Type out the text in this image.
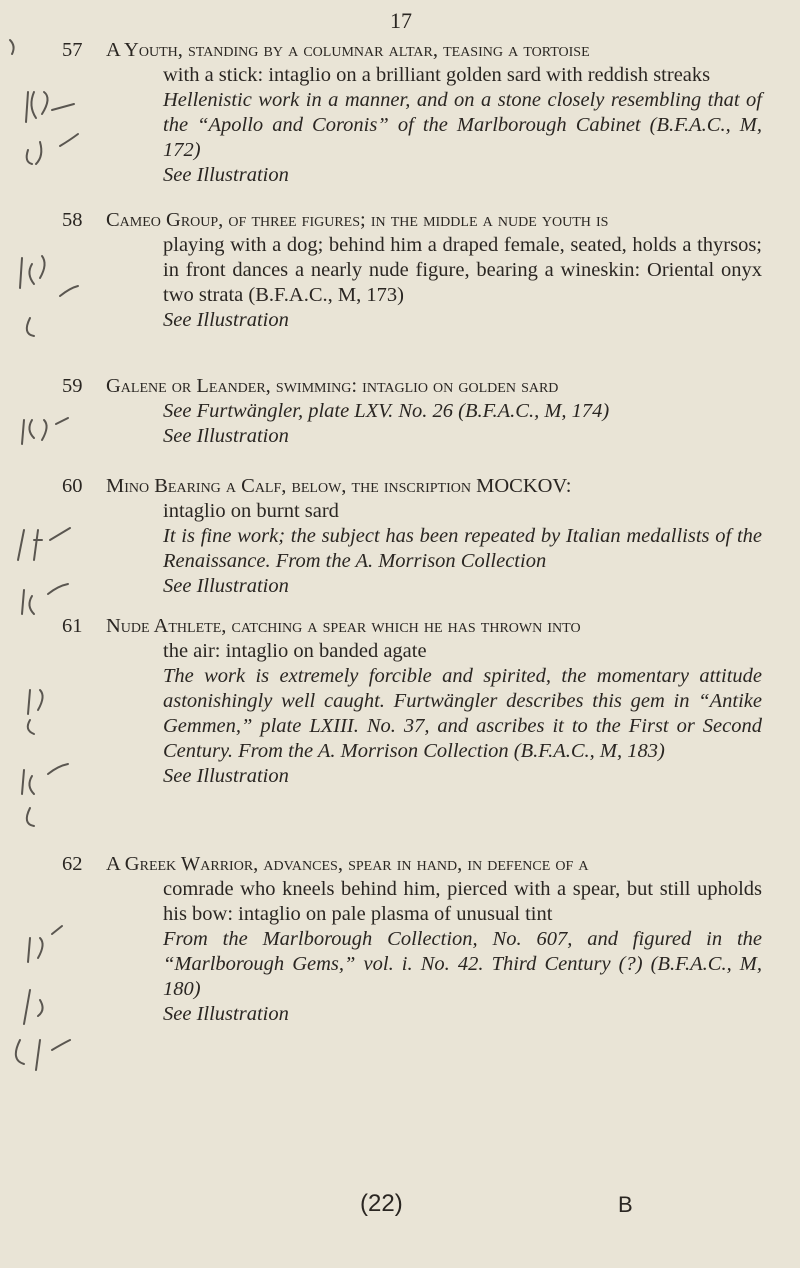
17
57	A Youth, standing by a columnar altar, teasing a tortoise
with a stick: intaglio on a brilliant golden sard with reddish streaks
Hellenistic work in a manner, and on a stone closely resembling that of the “Apollo and Coronis” of the Marlborough Cabinet (B.F.A.C., M, 172)
See Illustration
58	Cameo Group, of three figures; in the middle a nude youth is
playing with a dog; behind him a draped female, seated, holds a thyrsos; in front dances a nearly nude figure, bearing a wineskin: Oriental onyx two strata (B.F.A.C., M, 173)
See Illustration
59	Galene or Leander, swimming: intaglio on golden sard
See Furtwängler, plate LXV. No. 26 (B.F.A.C., M, 174)
See Illustration
60	Mino Bearing a Calf, below, the inscription MOCKOV:
intaglio on burnt sard
It is fine work; the subject has been repeated by Italian medallists of the Renaissance. From the A. Morrison Collection
See Illustration
61	Nude Athlete, catching a spear which he has thrown into
the air: intaglio on banded agate
The work is extremely forcible and spirited, the momentary attitude astonishingly well caught. Furtwängler describes this gem in “Antike Gemmen,” plate LXIII. No. 37, and ascribes it to the First or Second Century. From the A. Morrison Collection (B.F.A.C., M, 183)
See Illustration
62	A Greek Warrior, advances, spear in hand, in defence of a
comrade who kneels behind him, pierced with a spear, but still upholds his bow: intaglio on pale plasma of unusual tint
From the Marlborough Collection, No. 607, and figured in the “Marlborough Gems,” vol. i. No. 42. Third Century (?) (B.F.A.C., M, 180)
See Illustration
(22)	B
